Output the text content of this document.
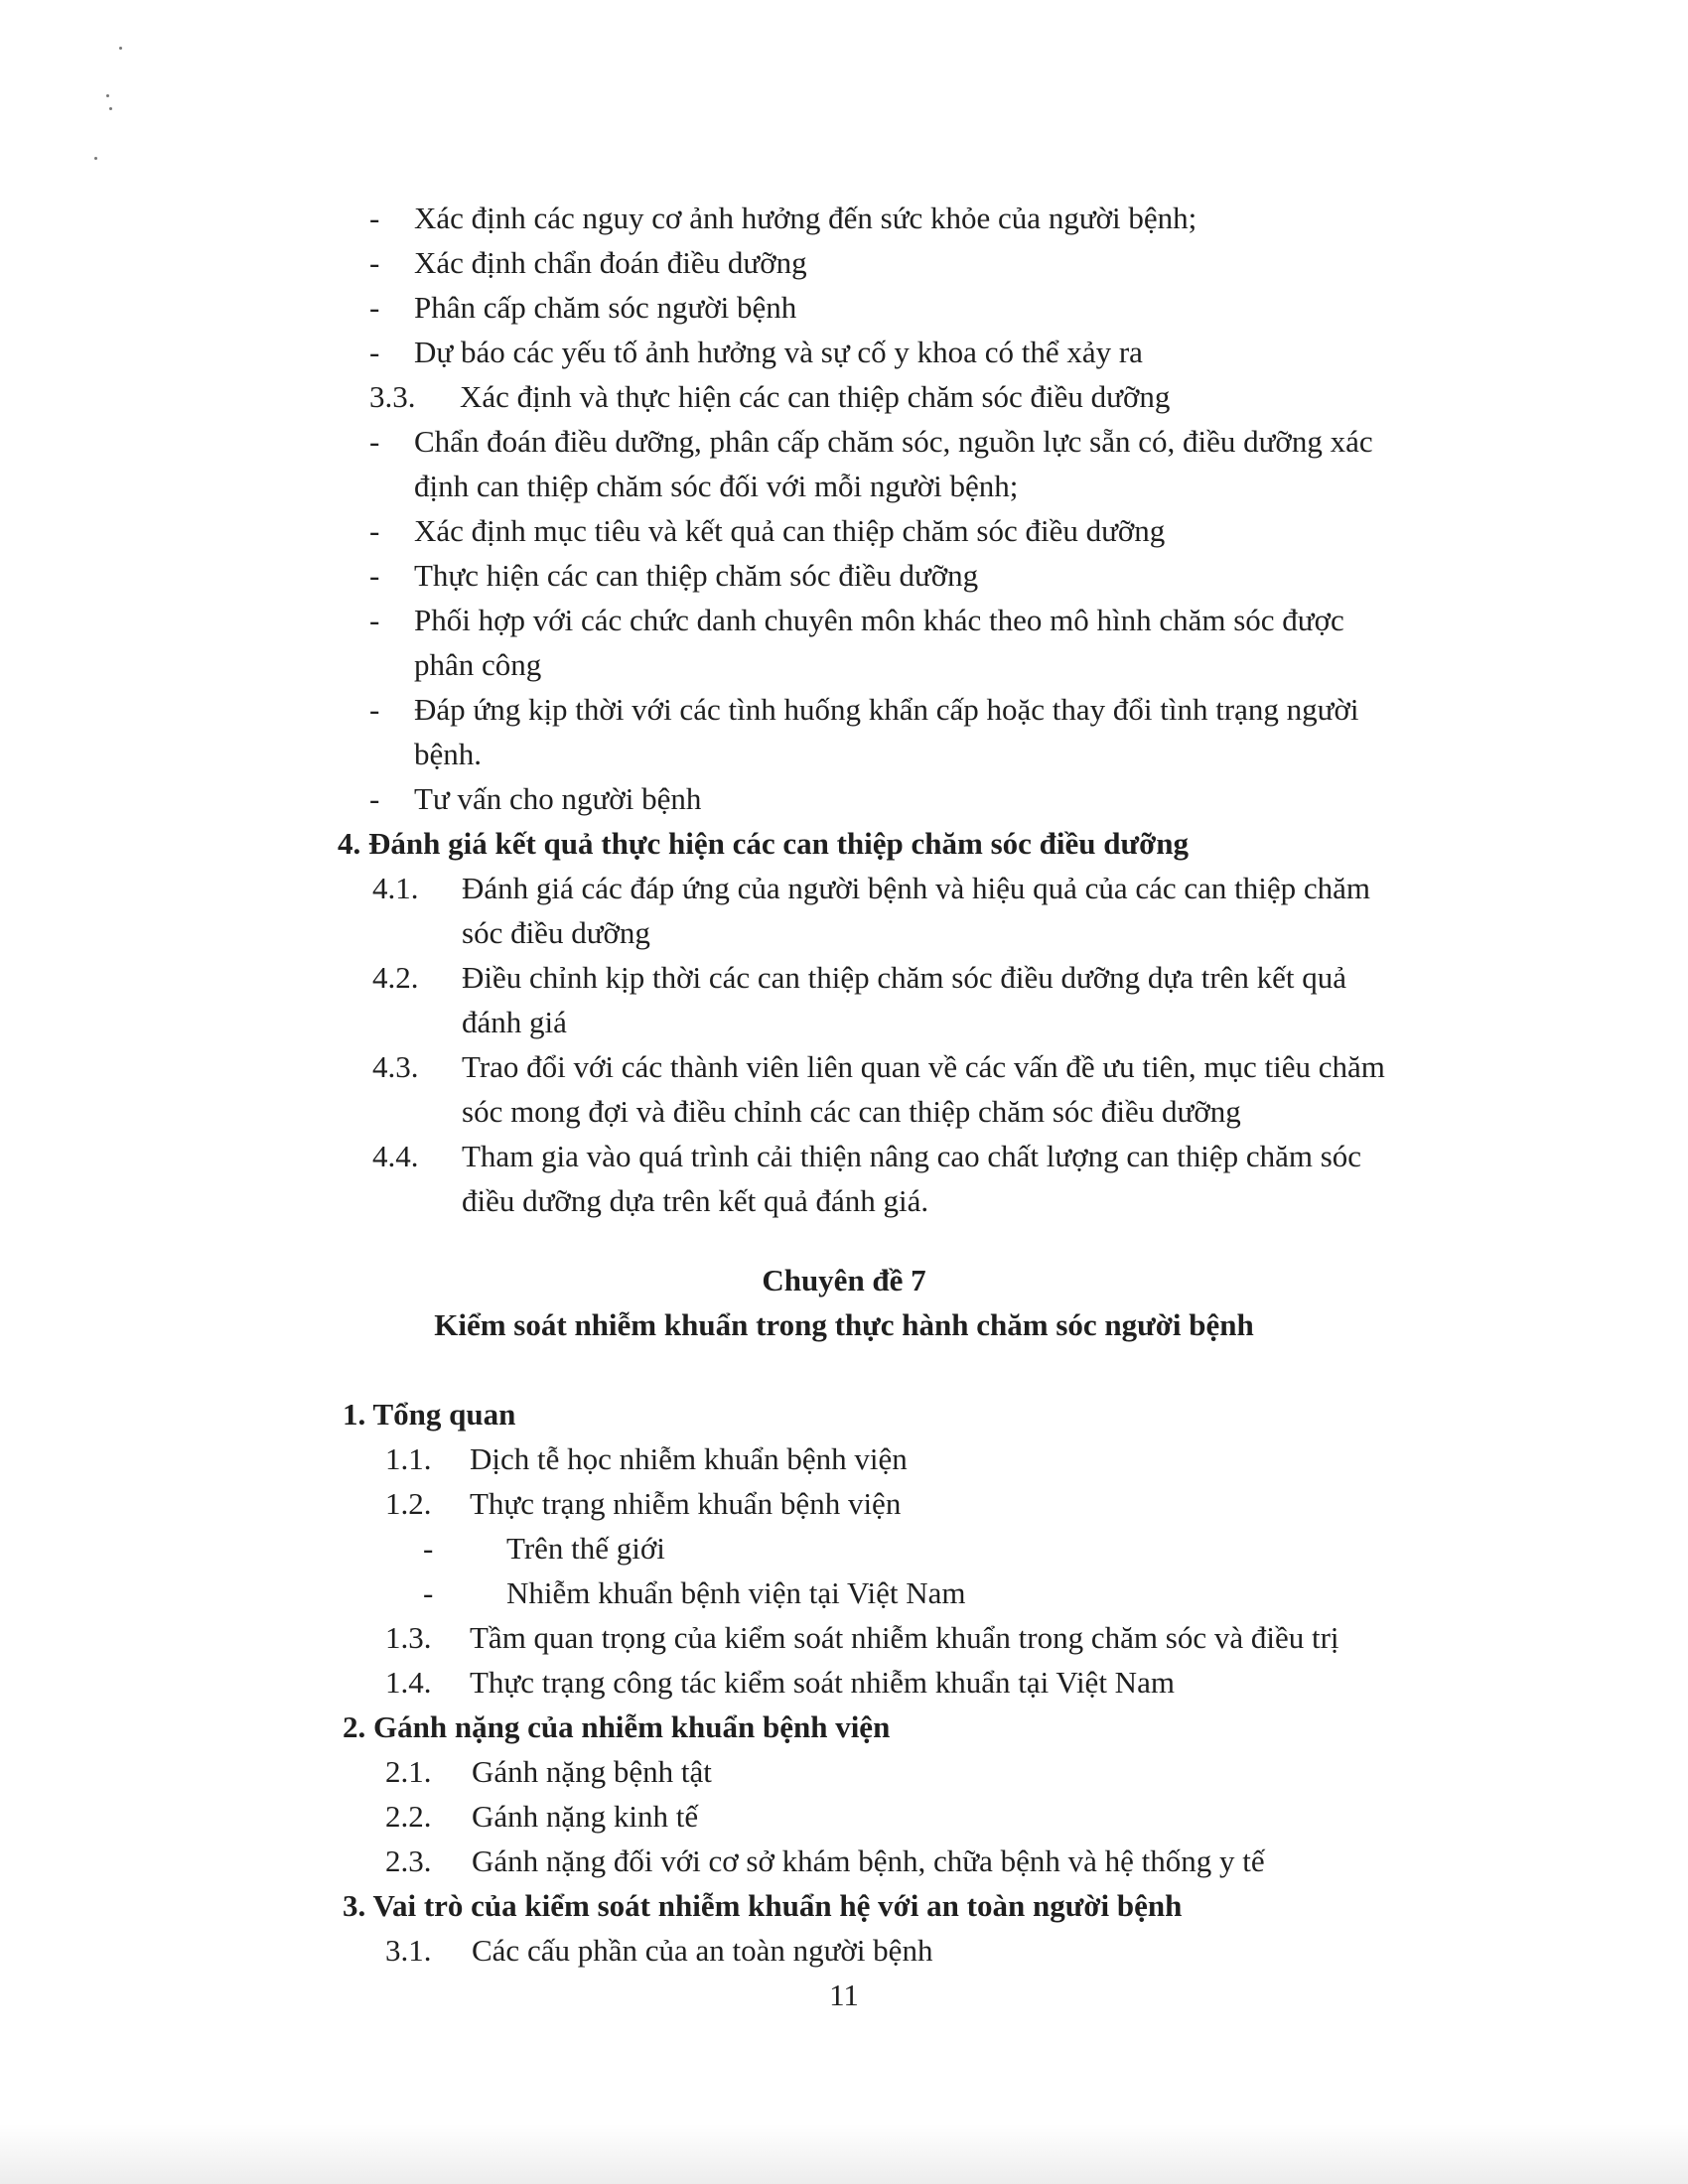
- Xác định các nguy cơ ảnh hưởng đến sức khỏe của người bệnh;
- Xác định chẩn đoán điều dưỡng
- Phân cấp chăm sóc người bệnh
- Dự báo các yếu tố ảnh hưởng và sự cố y khoa có thể xảy ra
3.3. Xác định và thực hiện các can thiệp chăm sóc điều dưỡng
- Chẩn đoán điều dưỡng, phân cấp chăm sóc, nguồn lực sẵn có, điều dưỡng xác
định can thiệp chăm sóc đối với mỗi người bệnh;
- Xác định mục tiêu và kết quả can thiệp chăm sóc điều dưỡng
- Thực hiện các can thiệp chăm sóc điều dưỡng
- Phối hợp với các chức danh chuyên môn khác theo mô hình chăm sóc được
phân công
- Đáp ứng kịp thời với các tình huống khẩn cấp hoặc thay đổi tình trạng người
bệnh.
- Tư vấn cho người bệnh
4. Đánh giá kết quả thực hiện các can thiệp chăm sóc điều dưỡng
4.1. Đánh giá các đáp ứng của người bệnh và hiệu quả của các can thiệp chăm
sóc điều dưỡng
4.2. Điều chỉnh kịp thời các can thiệp chăm sóc điều dưỡng dựa trên kết quả
đánh giá
4.3. Trao đổi với các thành viên liên quan về các vấn đề ưu tiên, mục tiêu chăm
sóc mong đợi và điều chỉnh các can thiệp chăm sóc điều dưỡng
4.4. Tham gia vào quá trình cải thiện nâng cao chất lượng can thiệp chăm sóc
điều dưỡng dựa trên kết quả đánh giá.
Chuyên đề 7
Kiểm soát nhiễm khuẩn trong thực hành chăm sóc người bệnh
1. Tổng quan
1.1. Dịch tễ học nhiễm khuẩn bệnh viện
1.2. Thực trạng nhiễm khuẩn bệnh viện
- Trên thế giới
- Nhiễm khuẩn bệnh viện tại Việt Nam
1.3. Tầm quan trọng của kiểm soát nhiễm khuẩn trong chăm sóc và điều trị
1.4. Thực trạng công tác kiểm soát nhiễm khuẩn tại Việt Nam
2. Gánh nặng của nhiễm khuẩn bệnh viện
2.1. Gánh nặng bệnh tật
2.2. Gánh nặng kinh tế
2.3. Gánh nặng đối với cơ sở khám bệnh, chữa bệnh và hệ thống y tế
3. Vai trò của kiểm soát nhiễm khuẩn hệ với an toàn người bệnh
3.1. Các cấu phần của an toàn người bệnh
11
